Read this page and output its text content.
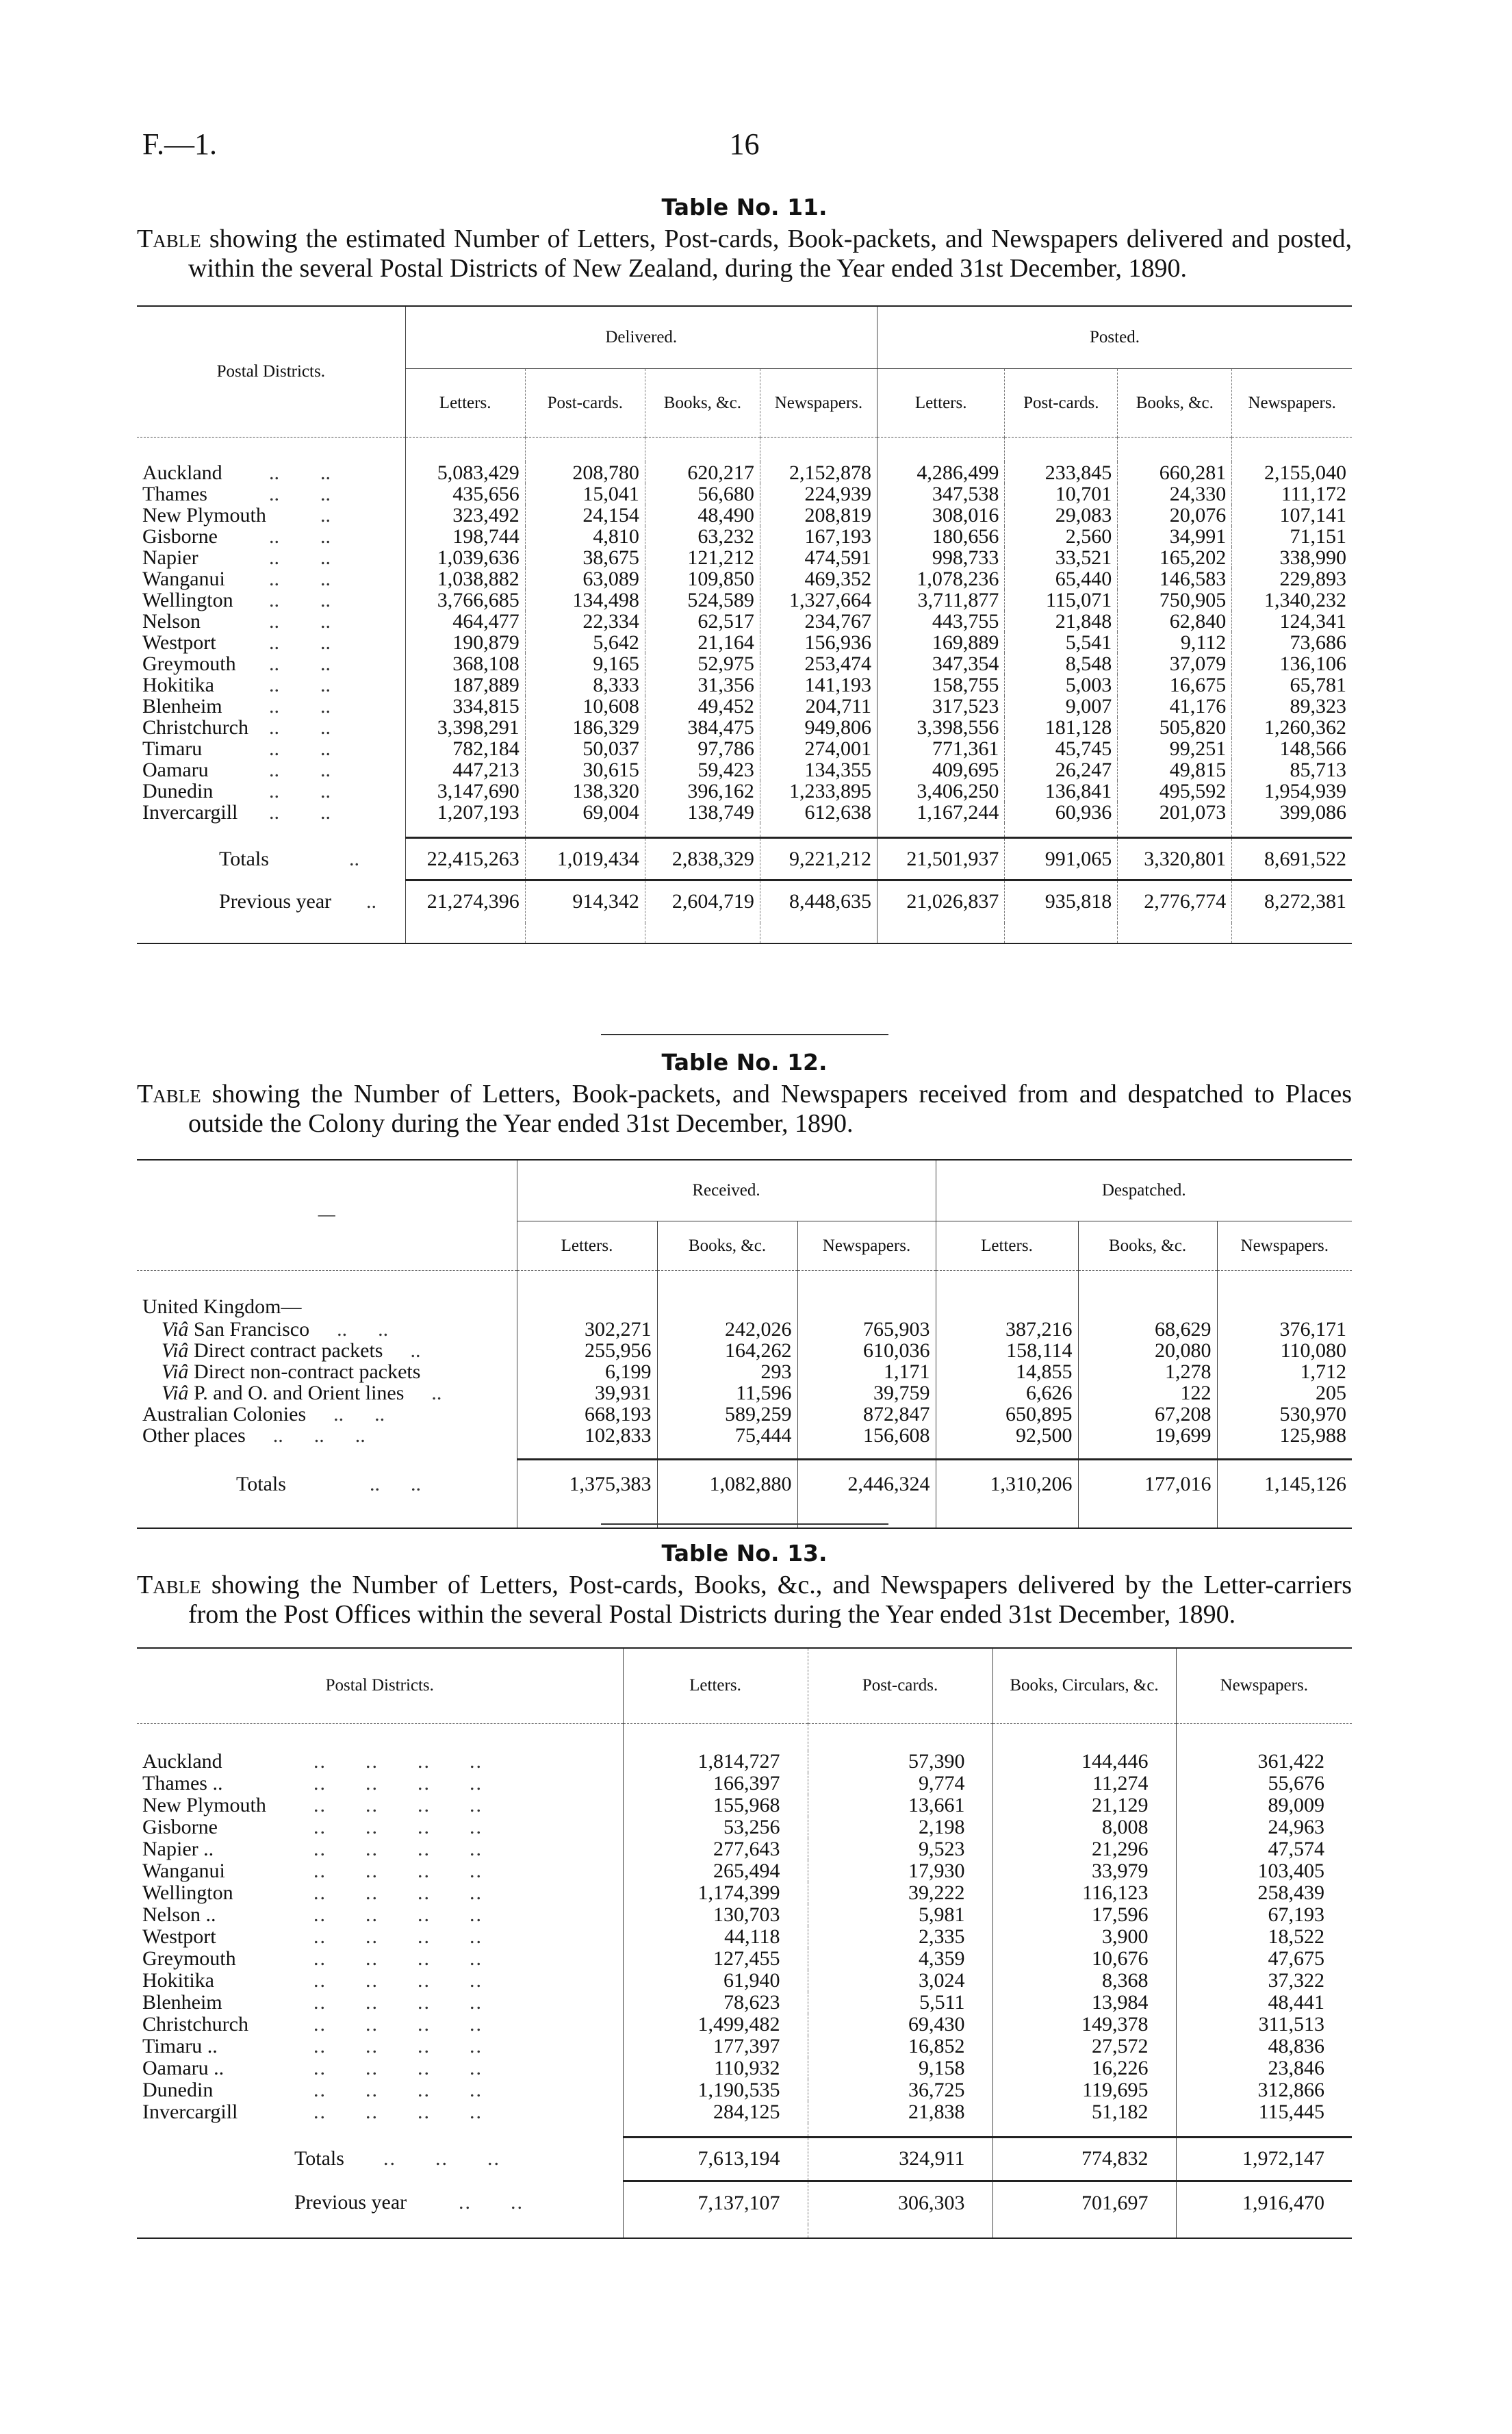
F.—1.	16
Table No. 11.

Table showing the estimated Number of Letters, Post-cards, Book-packets, and Newspapers delivered and posted, within the several Postal Districts of New Zealand, during the Year ended 31st December, 1890.

Postal Districts.	Delivered.				Posted.			
	Letters.	Post-cards.	Books, &c.	Newspapers.	Letters.	Post-cards.	Books, &c.	Newspapers.

Auckland .. ..	5,083,429	208,780	620,217	2,152,878	4,286,499	233,845	660,281	2,155,040
Thames .. ..	435,656	15,041	56,680	224,939	347,538	10,701	24,330	111,172
New Plymouth ..	323,492	24,154	48,490	208,819	308,016	29,083	20,076	107,141
Gisborne .. ..	198,744	4,810	63,232	167,193	180,656	2,560	34,991	71,151
Napier .. ..	1,039,636	38,675	121,212	474,591	998,733	33,521	165,202	338,990
Wanganui .. ..	1,038,882	63,089	109,850	469,352	1,078,236	65,440	146,583	229,893
Wellington .. ..	3,766,685	134,498	524,589	1,327,664	3,711,877	115,071	750,905	1,340,232
Nelson .. ..	464,477	22,334	62,517	234,767	443,755	21,848	62,840	124,341
Westport .. ..	190,879	5,642	21,164	156,936	169,889	5,541	9,112	73,686
Greymouth .. ..	368,108	9,165	52,975	253,474	347,354	8,548	37,079	136,106
Hokitika .. ..	187,889	8,333	31,356	141,193	158,755	5,003	16,675	65,781
Blenheim .. ..	334,815	10,608	49,452	204,711	317,523	9,007	41,176	89,323
Christchurch .. ..	3,398,291	186,329	384,475	949,806	3,398,556	181,128	505,820	1,260,362
Timaru .. ..	782,184	50,037	97,786	274,001	771,361	45,745	99,251	148,566
Oamaru .. ..	447,213	30,615	59,423	134,355	409,695	26,247	49,815	85,713
Dunedin .. ..	3,147,690	138,320	396,162	1,233,895	3,406,250	136,841	495,592	1,954,939
Invercargill .. ..	1,207,193	69,004	138,749	612,638	1,167,244	60,936	201,073	399,086

Totals ..	22,415,263	1,019,434	2,838,329	9,221,212	21,501,937	991,065	3,320,801	8,691,522
Previous year ..	21,274,396	914,342	2,604,719	8,448,635	21,026,837	935,818	2,776,774	8,272,381

Table No. 12.

Table showing the Number of Letters, Book-packets, and Newspapers received from and despatched to Places outside the Colony during the Year ended 31st December, 1890.

—	Received.			Despatched.		
	Letters.	Books, &c.	Newspapers.	Letters.	Books, &c.	Newspapers.

United Kingdom—						
Viâ San Francisco ..      ..	302,271	242,026	765,903	387,216	68,629	376,171
Viâ Direct contract packets ..	255,956	164,262	610,036	158,114	20,080	110,080
Viâ Direct non-contract packets	6,199	293	1,171	14,855	1,278	1,712
Viâ P. and O. and Orient lines ..	39,931	11,596	39,759	6,626	122	205
Australian Colonies ..      ..	668,193	589,259	872,847	650,895	67,208	530,970
Other places ..      ..      ..	102,833	75,444	156,608	92,500	19,699	125,988

Totals ..      ..	1,375,383	1,082,880	2,446,324	1,310,206	177,016	1,145,126

Table No. 13.

Table showing the Number of Letters, Post-cards, Books, &c., and Newspapers delivered by the Letter-carriers from the Post Offices within the several Postal Districts during the Year ended 31st December, 1890.

Postal Districts.	Letters.	Post-cards.	Books, Circulars, &c.	Newspapers.

Auckland ..      ..      ..      ..	1,814,727	57,390	144,446	361,422
Thames .. ..      ..      ..      ..	166,397	9,774	11,274	55,676
New Plymouth ..      ..      ..      ..	155,968	13,661	21,129	89,009
Gisborne ..      ..      ..      ..	53,256	2,198	8,008	24,963
Napier .. ..      ..      ..      ..	277,643	9,523	21,296	47,574
Wanganui ..      ..      ..      ..	265,494	17,930	33,979	103,405
Wellington ..      ..      ..      ..	1,174,399	39,222	116,123	258,439
Nelson .. ..      ..      ..      ..	130,703	5,981	17,596	67,193
Westport ..      ..      ..      ..	44,118	2,335	3,900	18,522
Greymouth ..      ..      ..      ..	127,455	4,359	10,676	47,675
Hokitika ..      ..      ..      ..	61,940	3,024	8,368	37,322
Blenheim ..      ..      ..      ..	78,623	5,511	13,984	48,441
Christchurch ..      ..      ..      ..	1,499,482	69,430	149,378	311,513
Timaru .. ..      ..      ..      ..	177,397	16,852	27,572	48,836
Oamaru .. ..      ..      ..      ..	110,932	9,158	16,226	23,846
Dunedin ..      ..      ..      ..	1,190,535	36,725	119,695	312,866
Invercargill ..      ..      ..      ..	284,125	21,838	51,182	115,445

Totals ..      ..      ..	7,613,194	324,911	774,832	1,972,147
Previous year ..      ..	7,137,107	306,303	701,697	1,916,470
